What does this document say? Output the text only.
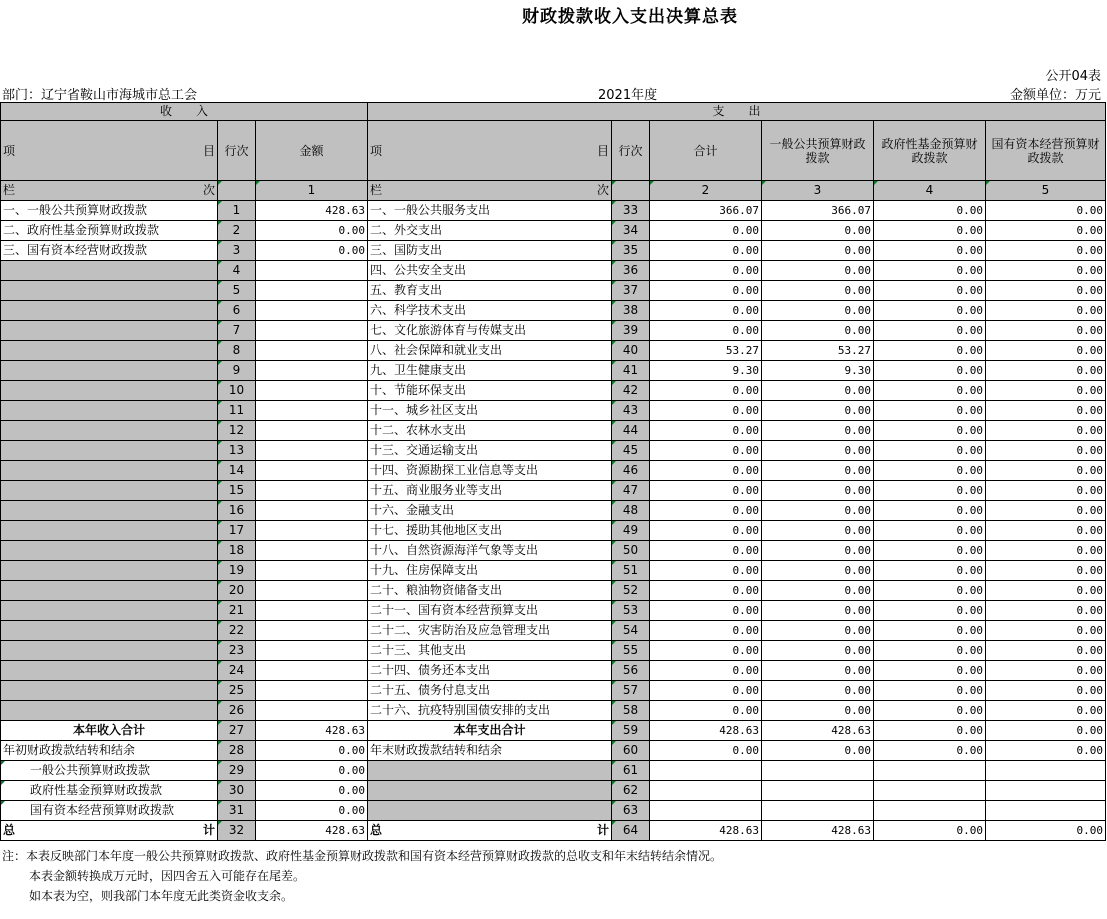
财政拨款收入支出决算总表
公开04表
部门：辽宁省鞍山市海城市总工会	2021年度	金额单位：万元
收　　入			支　　出					

项 目	行次	金额	项 目	行次	合计	一般公共预算财政拨款	政府性基金预算财政拨款	国有资本经营预算财政拨款

栏 次		1	栏 次		2	3	4	5
一、一般公共预算财政拨款	1	428.63	一、一般公共服务支出	33	366.07	366.07	0.00	0.00
二、政府性基金预算财政拨款	2	0.00	二、外交支出	34	0.00	0.00	0.00	0.00
三、国有资本经营财政拨款	3	0.00	三、国防支出	35	0.00	0.00	0.00	0.00
	4		四、公共安全支出	36	0.00	0.00	0.00	0.00
	5		五、教育支出	37	0.00	0.00	0.00	0.00
	6		六、科学技术支出	38	0.00	0.00	0.00	0.00
	7		七、文化旅游体育与传媒支出	39	0.00	0.00	0.00	0.00
	8		八、社会保障和就业支出	40	53.27	53.27	0.00	0.00
	9		九、卫生健康支出	41	9.30	9.30	0.00	0.00
	10		十、节能环保支出	42	0.00	0.00	0.00	0.00
	11		十一、城乡社区支出	43	0.00	0.00	0.00	0.00
	12		十二、农林水支出	44	0.00	0.00	0.00	0.00
	13		十三、交通运输支出	45	0.00	0.00	0.00	0.00
	14		十四、资源勘探工业信息等支出	46	0.00	0.00	0.00	0.00
	15		十五、商业服务业等支出	47	0.00	0.00	0.00	0.00
	16		十六、金融支出	48	0.00	0.00	0.00	0.00
	17		十七、援助其他地区支出	49	0.00	0.00	0.00	0.00
	18		十八、自然资源海洋气象等支出	50	0.00	0.00	0.00	0.00
	19		十九、住房保障支出	51	0.00	0.00	0.00	0.00
	20		二十、粮油物资储备支出	52	0.00	0.00	0.00	0.00
	21		二十一、国有资本经营预算支出	53	0.00	0.00	0.00	0.00
	22		二十二、灾害防治及应急管理支出	54	0.00	0.00	0.00	0.00
	23		二十三、其他支出	55	0.00	0.00	0.00	0.00
	24		二十四、债务还本支出	56	0.00	0.00	0.00	0.00
	25		二十五、债务付息支出	57	0.00	0.00	0.00	0.00
	26		二十六、抗疫特别国债安排的支出	58	0.00	0.00	0.00	0.00
本年收入合计	27	428.63	本年支出合计	59	428.63	428.63	0.00	0.00
年初财政拨款结转和结余	28	0.00	年末财政拨款结转和结余	60	0.00	0.00	0.00	0.00
一般公共预算财政拨款	29	0.00		61				
政府性基金预算财政拨款	30	0.00		62				
国有资本经营预算财政拨款	31	0.00		63				

总 计	32	428.63	总 计	64	428.63	428.63	0.00	0.00
注：本表反映部门本年度一般公共预算财政拨款、政府性基金预算财政拨款和国有资本经营预算财政拨款的总收支和年末结转结余情况。
本表金额转换成万元时，因四舍五入可能存在尾差。
如本表为空，则我部门本年度无此类资金收支余。
